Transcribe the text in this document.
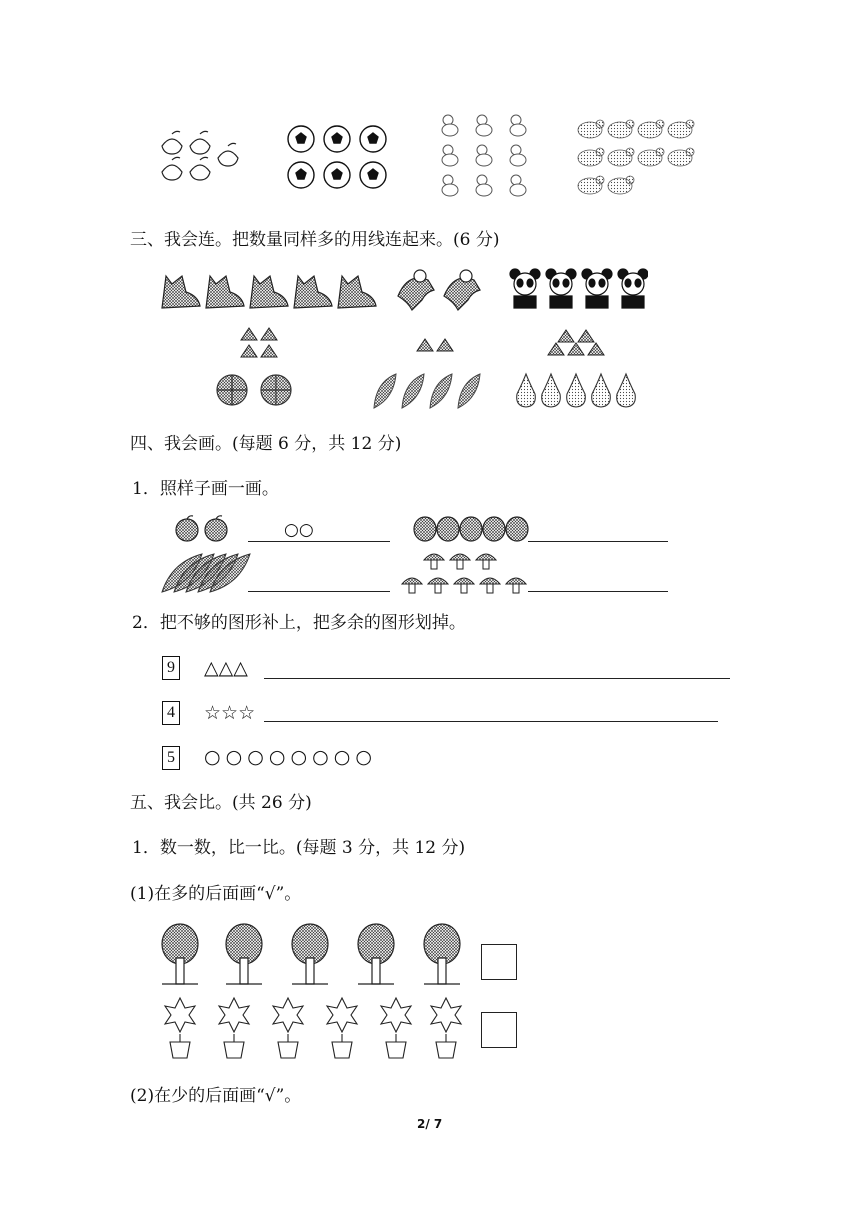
三、我会连。把数量同样多的用线连起来。(6 分)
四、我会画。(每题 6 分，共 12 分)
1．照样子画一画。
○○
2．把不够的图形补上，把多余的图形划掉。
9 △△△
4 ☆☆☆
5 ○ ○ ○ ○ ○ ○ ○ ○
五、我会比。(共 26 分)
1．数一数，比一比。(每题 3 分，共 12 分)
(1)在多的后面画“√”。
(2)在少的后面画“√”。
2/ 7
